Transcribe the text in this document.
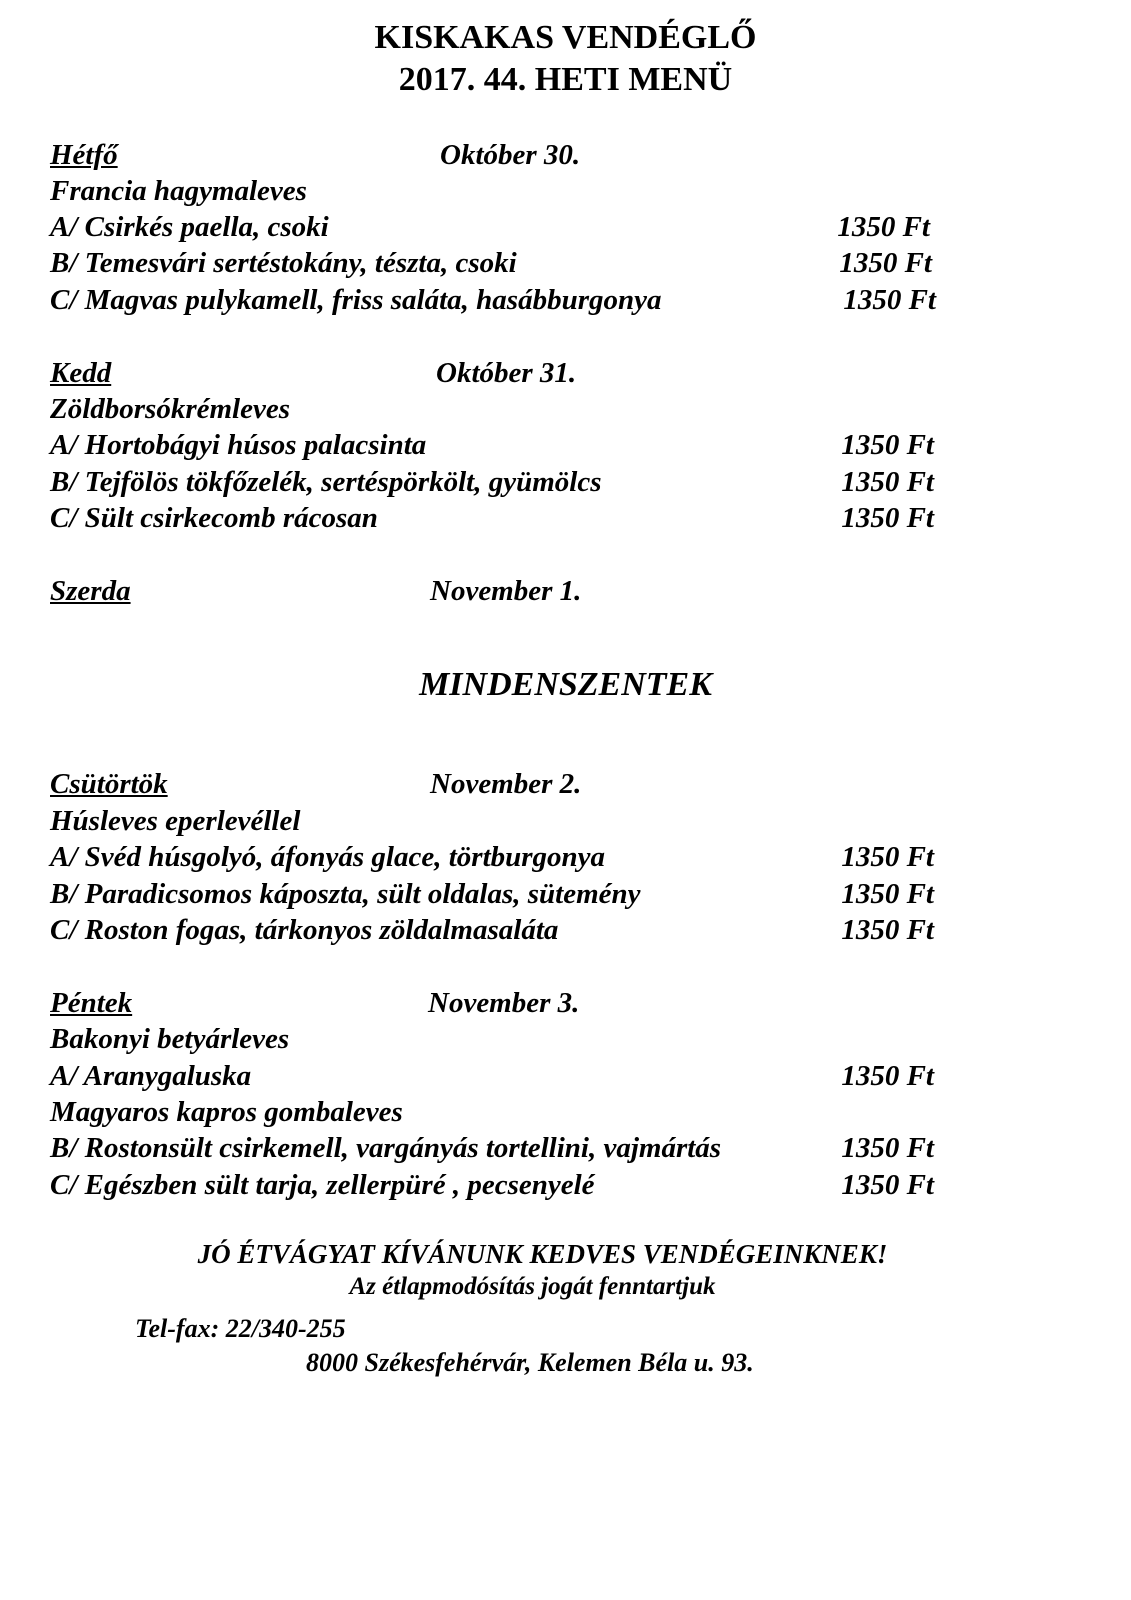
KISKAKAS VENDÉGLŐ
2017. 44. HETI MENÜ
Hétfő	Október 30.
Francia hagymaleves
A/ Csirkés paella, csoki	1350 Ft
B/ Temesvári sertéstokány, tészta, csoki	1350 Ft
C/ Magvas pulykamell, friss saláta, hasábburgonya	1350 Ft
Kedd	Október 31.
Zöldborsókrémleves
A/ Hortobágyi húsos palacsinta	1350 Ft
B/ Tejfölös tökfőzelék, sertéspörkölt, gyümölcs	1350 Ft
C/ Sült csirkecomb rácosan	1350 Ft
Szerda	November 1.
MINDENSZENTEK
Csütörtök	November 2.
Húsleves eperlevéllel
A/ Svéd húsgolyó, áfonyás glace, törtburgonya	1350 Ft
B/ Paradicsomos káposzta, sült oldalas, sütemény	1350 Ft
C/ Roston fogas, tárkonyos zöldalmasaláta	1350 Ft
Péntek	November 3.
Bakonyi betyárleves
A/ Aranygaluska	1350 Ft
Magyaros kapros gombaleves
B/ Rostonsült csirkemell, vargányás tortellini, vajmártás	1350 Ft
C/ Egészben sült tarja, zellerpüré , pecsenyelé	1350 Ft
JÓ ÉTVÁGYAT KÍVÁNUNK KEDVES VENDÉGEINKNEK!
Az étlapmodósítás jogát fenntartjuk
Tel-fax: 22/340-255
8000 Székesfehérvár, Kelemen Béla u. 93.
